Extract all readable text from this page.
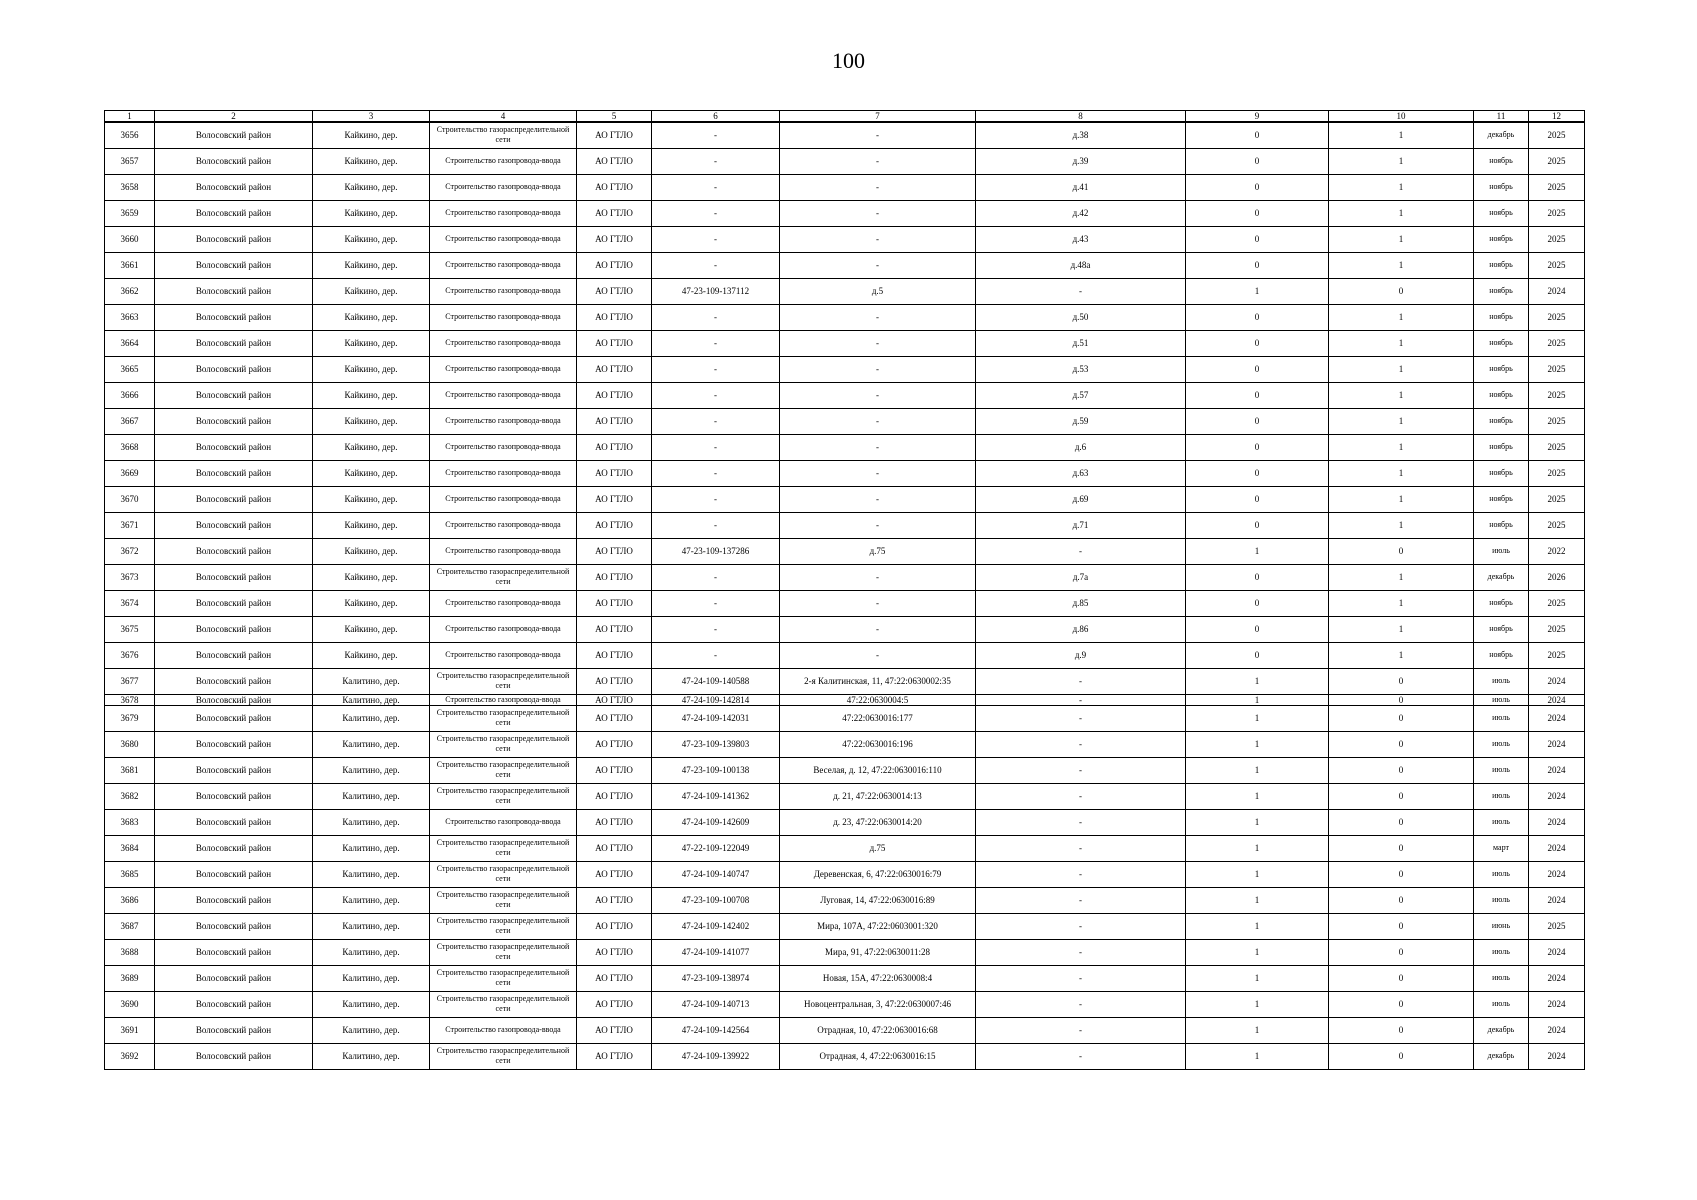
100
1	2	3	4	5	6	7	8	9	10	11	12
3656	Волосовский район	Кайкино, дер.	Строительство газораспределительной сети	АО ГТЛО	-	-	д.38	0	1	декабрь	2025
3657	Волосовский район	Кайкино, дер.	Строительство газопровода-ввода	АО ГТЛО	-	-	д.39	0	1	ноябрь	2025
3658	Волосовский район	Кайкино, дер.	Строительство газопровода-ввода	АО ГТЛО	-	-	д.41	0	1	ноябрь	2025
3659	Волосовский район	Кайкино, дер.	Строительство газопровода-ввода	АО ГТЛО	-	-	д.42	0	1	ноябрь	2025
3660	Волосовский район	Кайкино, дер.	Строительство газопровода-ввода	АО ГТЛО	-	-	д.43	0	1	ноябрь	2025
3661	Волосовский район	Кайкино, дер.	Строительство газопровода-ввода	АО ГТЛО	-	-	д.48а	0	1	ноябрь	2025
3662	Волосовский район	Кайкино, дер.	Строительство газопровода-ввода	АО ГТЛО	47-23-109-137112	д.5	-	1	0	ноябрь	2024
3663	Волосовский район	Кайкино, дер.	Строительство газопровода-ввода	АО ГТЛО	-	-	д.50	0	1	ноябрь	2025
3664	Волосовский район	Кайкино, дер.	Строительство газопровода-ввода	АО ГТЛО	-	-	д.51	0	1	ноябрь	2025
3665	Волосовский район	Кайкино, дер.	Строительство газопровода-ввода	АО ГТЛО	-	-	д.53	0	1	ноябрь	2025
3666	Волосовский район	Кайкино, дер.	Строительство газопровода-ввода	АО ГТЛО	-	-	д.57	0	1	ноябрь	2025
3667	Волосовский район	Кайкино, дер.	Строительство газопровода-ввода	АО ГТЛО	-	-	д.59	0	1	ноябрь	2025
3668	Волосовский район	Кайкино, дер.	Строительство газопровода-ввода	АО ГТЛО	-	-	д.6	0	1	ноябрь	2025
3669	Волосовский район	Кайкино, дер.	Строительство газопровода-ввода	АО ГТЛО	-	-	д.63	0	1	ноябрь	2025
3670	Волосовский район	Кайкино, дер.	Строительство газопровода-ввода	АО ГТЛО	-	-	д.69	0	1	ноябрь	2025
3671	Волосовский район	Кайкино, дер.	Строительство газопровода-ввода	АО ГТЛО	-	-	д.71	0	1	ноябрь	2025
3672	Волосовский район	Кайкино, дер.	Строительство газопровода-ввода	АО ГТЛО	47-23-109-137286	д.75	-	1	0	июль	2022
3673	Волосовский район	Кайкино, дер.	Строительство газораспределительной сети	АО ГТЛО	-	-	д.7а	0	1	декабрь	2026
3674	Волосовский район	Кайкино, дер.	Строительство газопровода-ввода	АО ГТЛО	-	-	д.85	0	1	ноябрь	2025
3675	Волосовский район	Кайкино, дер.	Строительство газопровода-ввода	АО ГТЛО	-	-	д.86	0	1	ноябрь	2025
3676	Волосовский район	Кайкино, дер.	Строительство газопровода-ввода	АО ГТЛО	-	-	д.9	0	1	ноябрь	2025
3677	Волосовский район	Калитино, дер.	Строительство газораспределительной сети	АО ГТЛО	47-24-109-140588	2-я Калитинская, 11, 47:22:0630002:35	-	1	0	июль	2024
3678	Волосовский район	Калитино, дер.	Строительство газопровода-ввода	АО ГТЛО	47-24-109-142814	47:22:0630004:5	-	1	0	июль	2024
3679	Волосовский район	Калитино, дер.	Строительство газораспределительной сети	АО ГТЛО	47-24-109-142031	47:22:0630016:177	-	1	0	июль	2024
3680	Волосовский район	Калитино, дер.	Строительство газораспределительной сети	АО ГТЛО	47-23-109-139803	47:22:0630016:196	-	1	0	июль	2024
3681	Волосовский район	Калитино, дер.	Строительство газораспределительной сети	АО ГТЛО	47-23-109-100138	Веселая, д. 12, 47:22:0630016:110	-	1	0	июль	2024
3682	Волосовский район	Калитино, дер.	Строительство газораспределительной сети	АО ГТЛО	47-24-109-141362	д. 21, 47:22:0630014:13	-	1	0	июль	2024
3683	Волосовский район	Калитино, дер.	Строительство газопровода-ввода	АО ГТЛО	47-24-109-142609	д. 23, 47:22:0630014:20	-	1	0	июль	2024
3684	Волосовский район	Калитино, дер.	Строительство газораспределительной сети	АО ГТЛО	47-22-109-122049	д.75	-	1	0	март	2024
3685	Волосовский район	Калитино, дер.	Строительство газораспределительной сети	АО ГТЛО	47-24-109-140747	Деревенская, 6, 47:22:0630016:79	-	1	0	июль	2024
3686	Волосовский район	Калитино, дер.	Строительство газораспределительной сети	АО ГТЛО	47-23-109-100708	Луговая, 14, 47:22:0630016:89	-	1	0	июль	2024
3687	Волосовский район	Калитино, дер.	Строительство газораспределительной сети	АО ГТЛО	47-24-109-142402	Мира, 107А, 47:22:0603001:320	-	1	0	июнь	2025
3688	Волосовский район	Калитино, дер.	Строительство газораспределительной сети	АО ГТЛО	47-24-109-141077	Мира, 91, 47:22:0630011:28	-	1	0	июль	2024
3689	Волосовский район	Калитино, дер.	Строительство газораспределительной сети	АО ГТЛО	47-23-109-138974	Новая, 15А, 47:22:0630008:4	-	1	0	июль	2024
3690	Волосовский район	Калитино, дер.	Строительство газораспределительной сети	АО ГТЛО	47-24-109-140713	Новоцентральная, 3, 47:22:0630007:46	-	1	0	июль	2024
3691	Волосовский район	Калитино, дер.	Строительство газопровода-ввода	АО ГТЛО	47-24-109-142564	Отрадная, 10, 47:22:0630016:68	-	1	0	декабрь	2024
3692	Волосовский район	Калитино, дер.	Строительство газораспределительной сети	АО ГТЛО	47-24-109-139922	Отрадная, 4, 47:22:0630016:15	-	1	0	декабрь	2024
